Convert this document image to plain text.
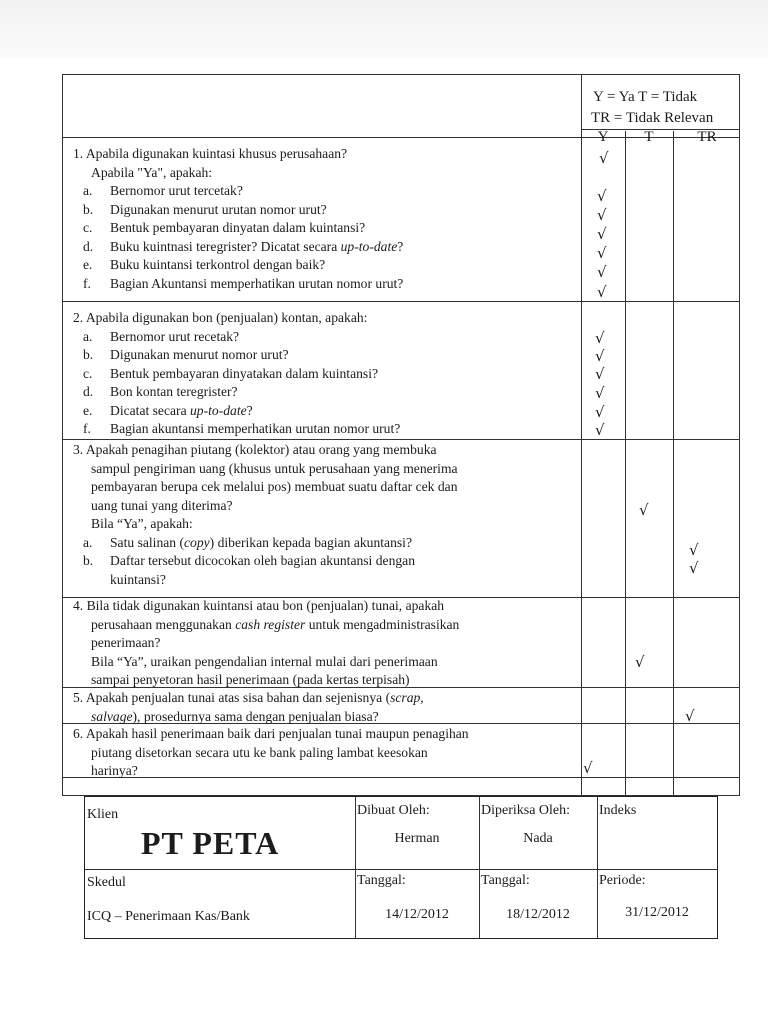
Y = Ya T = Tidak
TR = Tidak Relevan
Y	T	TR
1. Apabila digunakan kuintasi khusus perusahaan?
Apabila "Ya", apakah:
a. Bernomor urut tercetak?
b. Digunakan menurut urutan nomor urut?
c. Bentuk pembayaran dinyatan dalam kuintansi?
d. Buku kuintnasi teregrister? Dicatat secara up-to-date?
e. Buku kuintansi terkontrol dengan baik?
f. Bagian Akuntansi memperhatikan urutan nomor urut?
2. Apabila digunakan bon (penjualan) kontan, apakah:
a. Bernomor urut recetak?
b. Digunakan menurut nomor urut?
c. Bentuk pembayaran dinyatakan dalam kuintansi?
d. Bon kontan teregrister?
e. Dicatat secara up-to-date?
f. Bagian akuntansi memperhatikan urutan nomor urut?
3. Apakah penagihan piutang (kolektor) atau orang yang membuka
sampul pengiriman uang (khusus untuk perusahaan yang menerima
pembayaran berupa cek melalui pos) membuat suatu daftar cek dan
uang tunai yang diterima?
Bila “Ya”, apakah:
a. Satu salinan (copy) diberikan kepada bagian akuntansi?
b. Daftar tersebut dicocokan oleh bagian akuntansi dengan
kuintansi?
4. Bila tidak digunakan kuintansi atau bon (penjualan) tunai, apakah
perusahaan menggunakan cash register untuk mengadministrasikan
penerimaan?
Bila “Ya”, uraikan pengendalian internal mulai dari penerimaan
sampai penyetoran hasil penerimaan (pada kertas terpisah)
5. Apakah penjualan tunai atas sisa bahan dan sejenisnya (scrap,
salvage), prosedurnya sama dengan penjualan biasa?
6. Apakah hasil penerimaan baik dari penjualan tunai maupun penagihan
piutang disetorkan secara utu ke bank paling lambat keesokan
harinya?
√
√
√
√
√
√
√
√
√
√
√
√
√
√
√
√
√
√
√
Klien
PT PETA
Dibuat Oleh:
Herman
Diperiksa Oleh:
Nada
Indeks
Skedul
ICQ – Penerimaan Kas/Bank
Tanggal:
14/12/2012
Tanggal:
18/12/2012
Periode:
31/12/2012
